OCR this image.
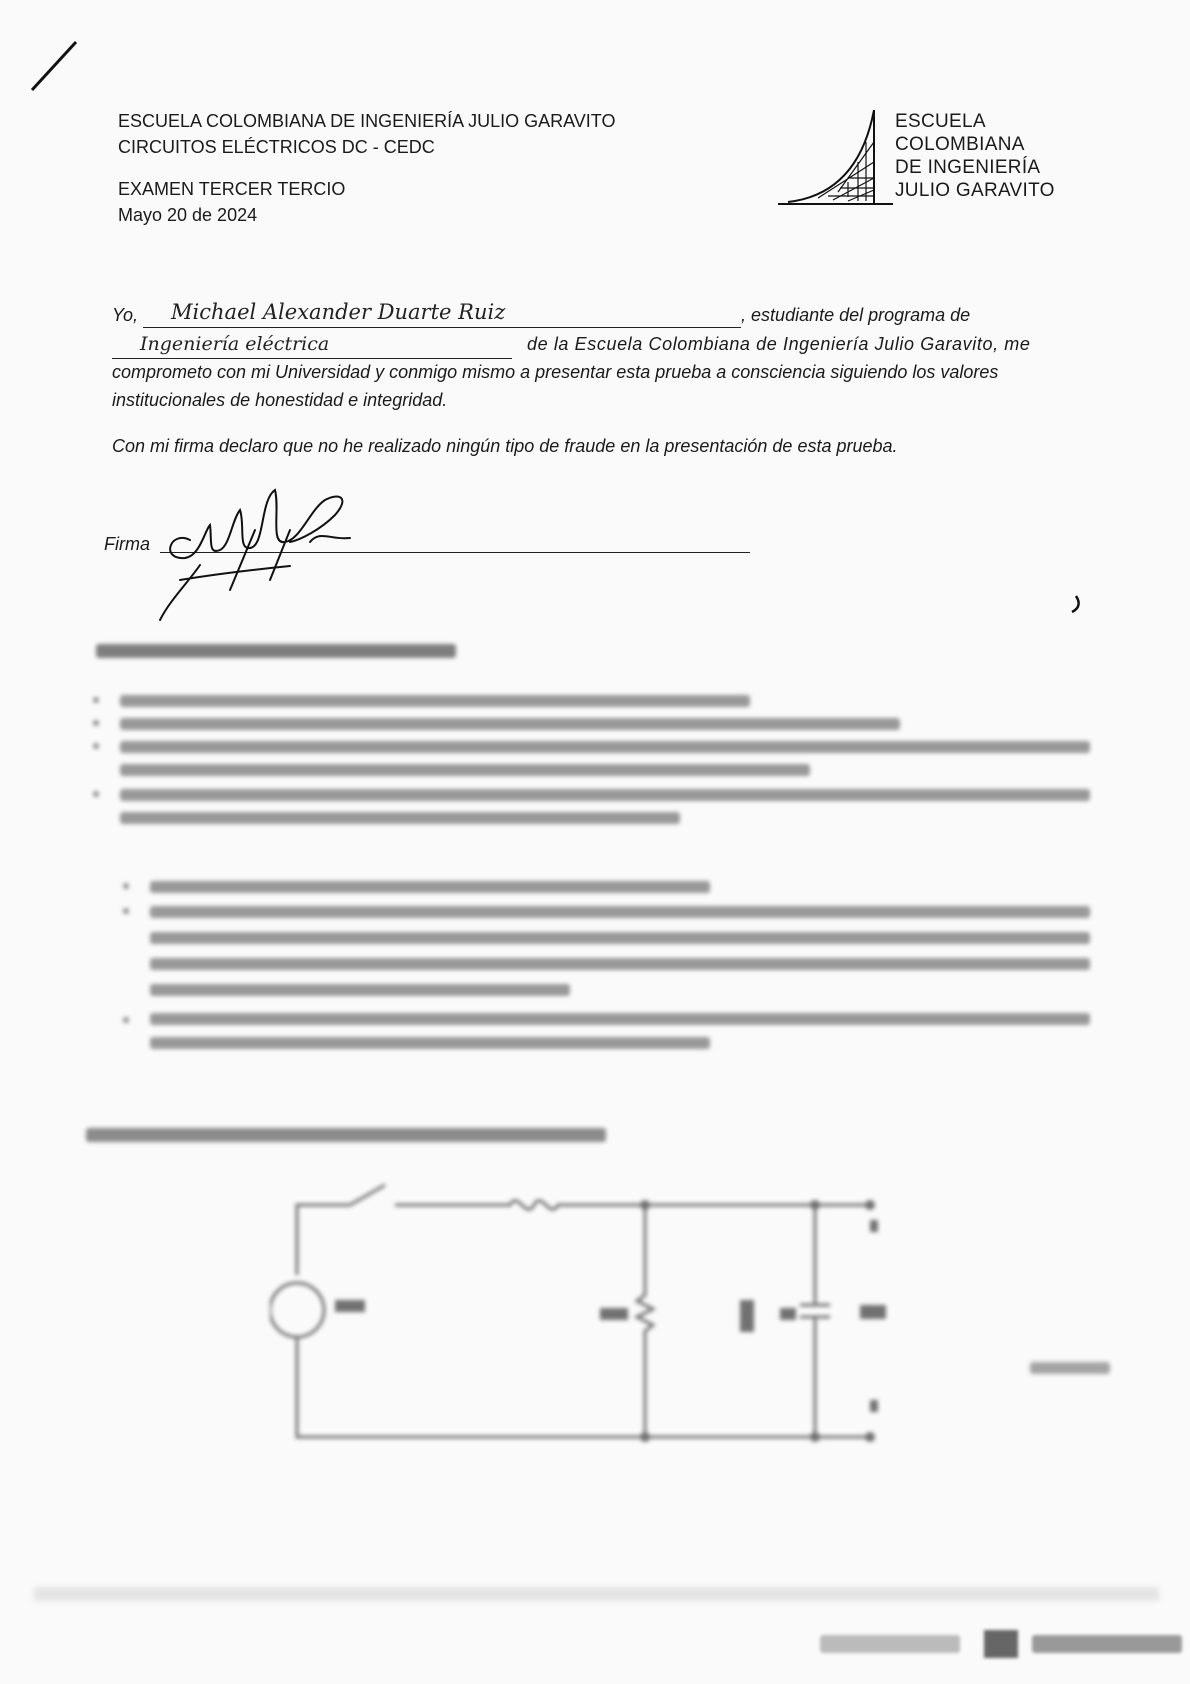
ESCUELA COLOMBIANA DE INGENIERÍA JULIO GARAVITO
CIRCUITOS ELÉCTRICOS DC - CEDC
EXAMEN TERCER TERCIO
Mayo 20 de 2024
ESCUELA
COLOMBIANA
DE INGENIERÍA
JULIO GARAVITO
Yo, Michael Alexander Duarte Ruiz	, estudiante del programa de
Ingeniería eléctrica	de la Escuela Colombiana de Ingeniería Julio Garavito, me
comprometo con mi Universidad y conmigo mismo a presentar esta prueba a consciencia siguiendo los valores
institucionales de honestidad e integridad.
Con mi firma declaro que no he realizado ningún tipo de fraude en la presentación de esta prueba.
Firma
